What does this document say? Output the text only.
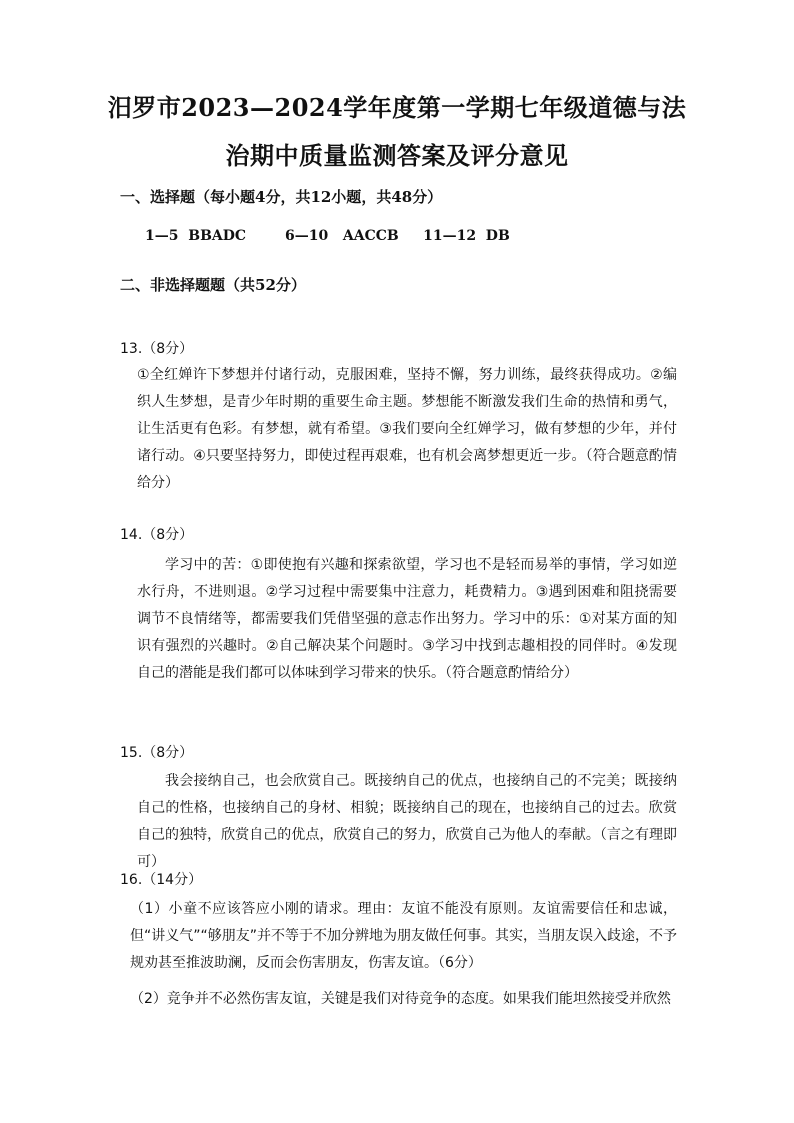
汨罗市2023—2024学年度第一学期七年级道德与法
治期中质量监测答案及评分意见
一、选择题（每小题4分，共12小题，共48分）
1—5  BBADC        6—10   AACCB     11—12  DB
二、非选择题题（共52分）
13.（8分）
①全红婵许下梦想并付诸行动，克服困难，坚持不懈，努力训练，最终获得成功。②编织人生梦想，是青少年时期的重要生命主题。梦想能不断激发我们生命的热情和勇气，让生活更有色彩。有梦想，就有希望。③我们要向全红婵学习，做有梦想的少年，并付诸行动。④只要坚持努力，即使过程再艰难，也有机会离梦想更近一步。（符合题意酌情给分）
14.（8分）
学习中的苦：①即使抱有兴趣和探索欲望，学习也不是轻而易举的事情，学习如逆水行舟，不进则退。②学习过程中需要集中注意力，耗费精力。③遇到困难和阻挠需要调节不良情绪等，都需要我们凭借坚强的意志作出努力。学习中的乐：①对某方面的知识有强烈的兴趣时。②自己解决某个问题时。③学习中找到志趣相投的同伴时。④发现自己的潜能是我们都可以体味到学习带来的快乐。（符合题意酌情给分）
15.（8分）
我会接纳自己，也会欣赏自己。既接纳自己的优点，也接纳自己的不完美；既接纳自己的性格，也接纳自己的身材、相貌；既接纳自己的现在，也接纳自己的过去。欣赏自己的独特，欣赏自己的优点，欣赏自己的努力，欣赏自己为他人的奉献。（言之有理即可）
16.（14分）
（1）小童不应该答应小刚的请求。理由：友谊不能没有原则。友谊需要信任和忠诚，但“讲义气”“够朋友”并不等于不加分辨地为朋友做任何事。其实，当朋友误入歧途，不予规劝甚至推波助澜，反而会伤害朋友，伤害友谊。（6分）
（2）竞争并不必然伤害友谊，关键是我们对待竞争的态度。如果我们能坦然接受并欣然
